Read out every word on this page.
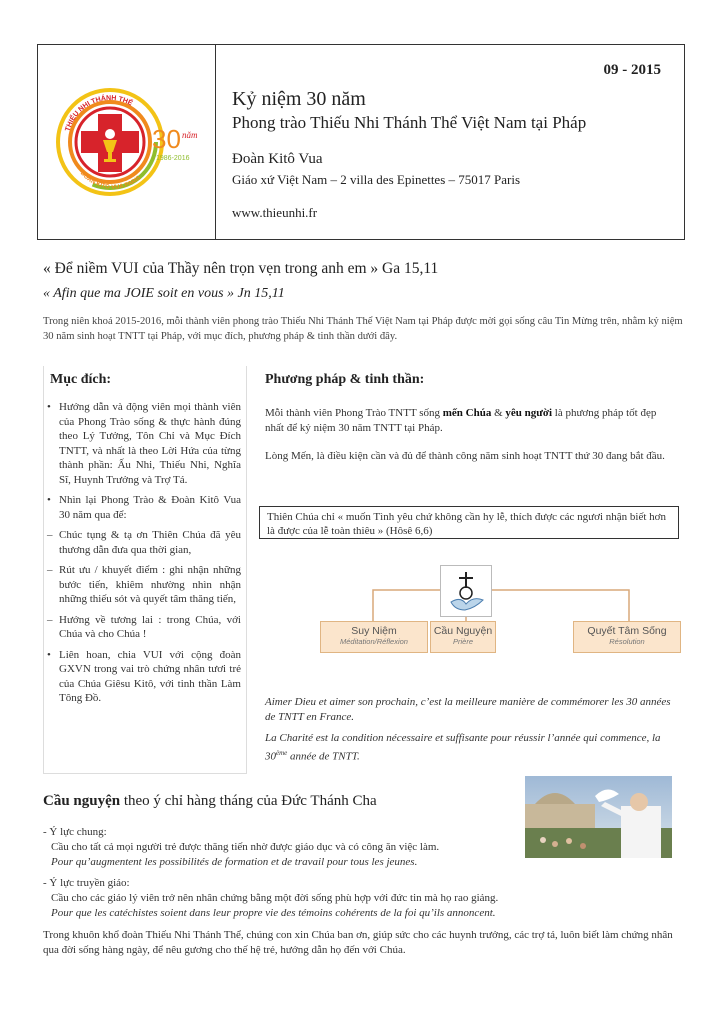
THIẾU NHI THÁNH THỂ
ĐOÀN KITÔ VUA PARIS
30 năm
1986-2016
09 - 2015
Kỷ niệm 30 năm
Phong trào Thiếu Nhi Thánh Thể Việt Nam tại Pháp
Đoàn Kitô Vua
Giáo xứ Việt Nam – 2 villa des Epinettes – 75017 Paris
www.thieunhi.fr
« Để niềm VUI của Thầy nên trọn vẹn trong anh em » Ga 15,11
« Afin que ma JOIE soit en vous » Jn 15,11
Trong niên khoá 2015-2016, mỗi thành viên phong trào Thiếu Nhi Thánh Thể Việt Nam tại Pháp được mời gọi sống câu Tin Mừng trên, nhằm kỷ niệm 30 năm sinh hoạt TNTT tại Pháp, với mục đích, phương pháp & tinh thần dưới đây.
Mục đích:
• Hướng dẫn và động viên mọi thành viên của Phong Trào sống & thực hành đúng theo Lý Tưởng, Tôn Chỉ và Mục Đích TNTT, và nhất là theo Lời Hứa của từng thành phần: Ấu Nhi, Thiếu Nhi, Nghĩa Sĩ, Huynh Trưởng và Trợ Tá.
• Nhìn lại Phong Trào & Đoàn Kitô Vua 30 năm qua để:
– Chúc tụng & tạ ơn Thiên Chúa đã yêu thương dẫn đưa qua thời gian,
– Rút ưu / khuyết điểm : ghi nhận những bước tiến, khiêm nhường nhìn nhận những thiếu sót và quyết tâm thăng tiến,
– Hướng về tương lai : trong Chúa, với Chúa và cho Chúa !
• Liên hoan, chia VUI với cộng đoàn GXVN trong vai trò chứng nhân tươi trẻ của Chúa Giêsu Kitô, với tinh thần Làm Tông Đồ.
Phương pháp & tinh thần:
Mỗi thành viên Phong Trào TNTT sống mến Chúa & yêu người là phương pháp tốt đẹp nhất để kỷ niệm 30 năm TNTT tại Pháp.
Lòng Mến, là điều kiện cần và đủ để thành công năm sinh hoạt TNTT thứ 30 đang bắt đầu.
Thiên Chúa chỉ « muốn Tình yêu chứ không cần hy lễ, thích được các ngươi nhận biết hơn là được của lễ toàn thiêu » (Hôsê 6,6)
Suy Niệm
Méditation/Réflexion
Cầu Nguyện
Prière
Quyết Tâm Sống
Résolution
Aimer Dieu et aimer son prochain, c’est la meilleure manière de commémorer les 30 années de TNTT en France.
La Charité est la condition nécessaire et suffisante pour réussir l’année qui commence, la 30ème année de TNTT.
Cầu nguyện theo ý chỉ hàng tháng của Đức Thánh Cha
- Ý lực chung:
Cầu cho tất cả mọi người trẻ được thăng tiến nhờ được giáo dục và có công ăn việc làm.
Pour qu’augmentent les possibilités de formation et de travail pour tous les jeunes.
- Ý lực truyền giáo:
Cầu cho các giáo lý viên trở nên nhân chứng bằng một đời sống phù hợp với đức tin mà họ rao giảng.
Pour que les catéchistes soient dans leur propre vie des témoins cohérents de la foi qu’ils annoncent.
Trong khuôn khổ đoàn Thiếu Nhi Thánh Thể, chúng con xin Chúa ban ơn, giúp sức cho các huynh trưởng, các trợ tá, luôn biết làm chứng nhân qua đời sống hàng ngày, để nêu gương cho thế hệ trẻ, hướng dẫn họ đến với Chúa.
